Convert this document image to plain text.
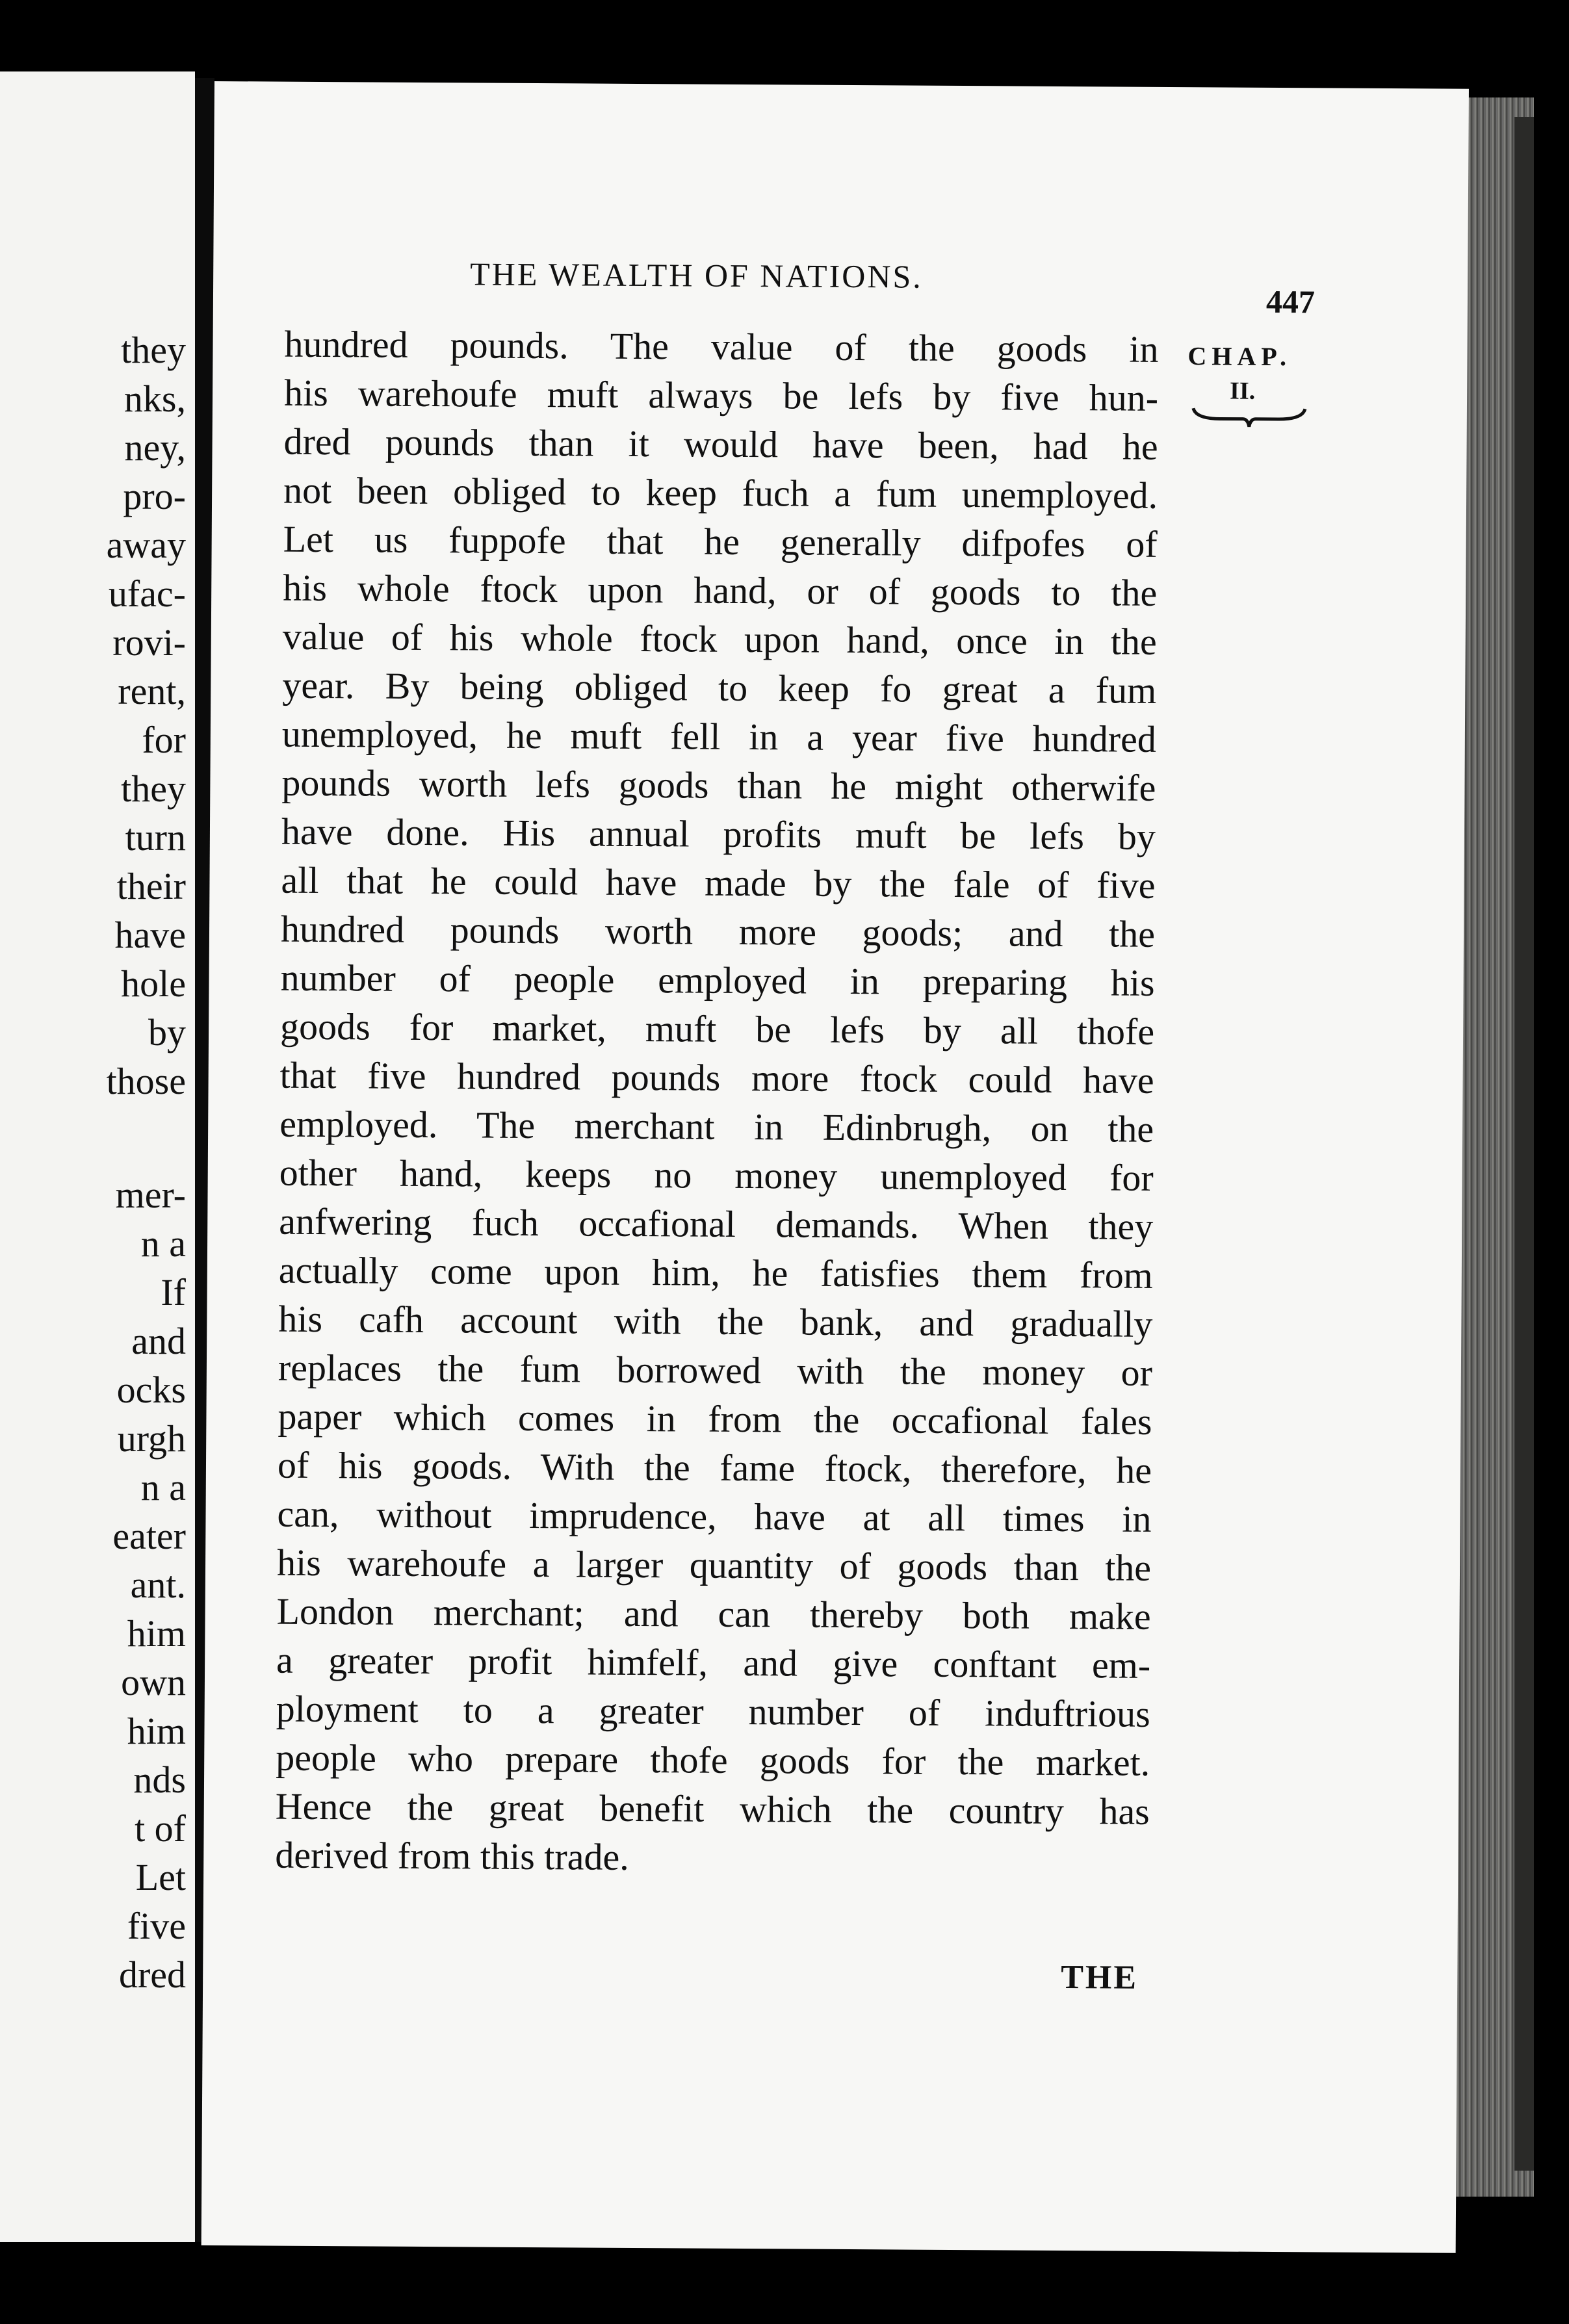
they
nks,
ney,
pro-
away
ufac-
rovi-
rent,
for
they
turn
their
have
hole
by
those
mer-
n a
If
and
ocks
urgh
n a
eater
ant.
him
own
him
nds
t of
Let
five
dred
THE WEALTH OF NATIONS.
447
CHAP.
II.
hundred pounds. The value of the goods in
his warehoufe muft always be lefs by five hun-
dred pounds than it would have been, had he
not been obliged to keep fuch a fum unemployed.
Let us fuppofe that he generally difpofes of
his whole ftock upon hand, or of goods to the
value of his whole ftock upon hand, once in the
year. By being obliged to keep fo great a fum
unemployed, he muft fell in a year five hundred
pounds worth lefs goods than he might otherwife
have done. His annual profits muft be lefs by
all that he could have made by the fale of five
hundred pounds worth more goods; and the
number of people employed in preparing his
goods for market, muft be lefs by all thofe
that five hundred pounds more ftock could have
employed. The merchant in Edinbrugh, on the
other hand, keeps no money unemployed for
anfwering fuch occafional demands. When they
actually come upon him, he fatisfies them from
his cafh account with the bank, and gradually
replaces the fum borrowed with the money or
paper which comes in from the occafional fales
of his goods. With the fame ftock, therefore, he
can, without imprudence, have at all times in
his warehoufe a larger quantity of goods than the
London merchant; and can thereby both make
a greater profit himfelf, and give conftant em-
ployment to a greater number of induftrious
people who prepare thofe goods for the market.
Hence the great benefit which the country has
derived from this trade.
THE
